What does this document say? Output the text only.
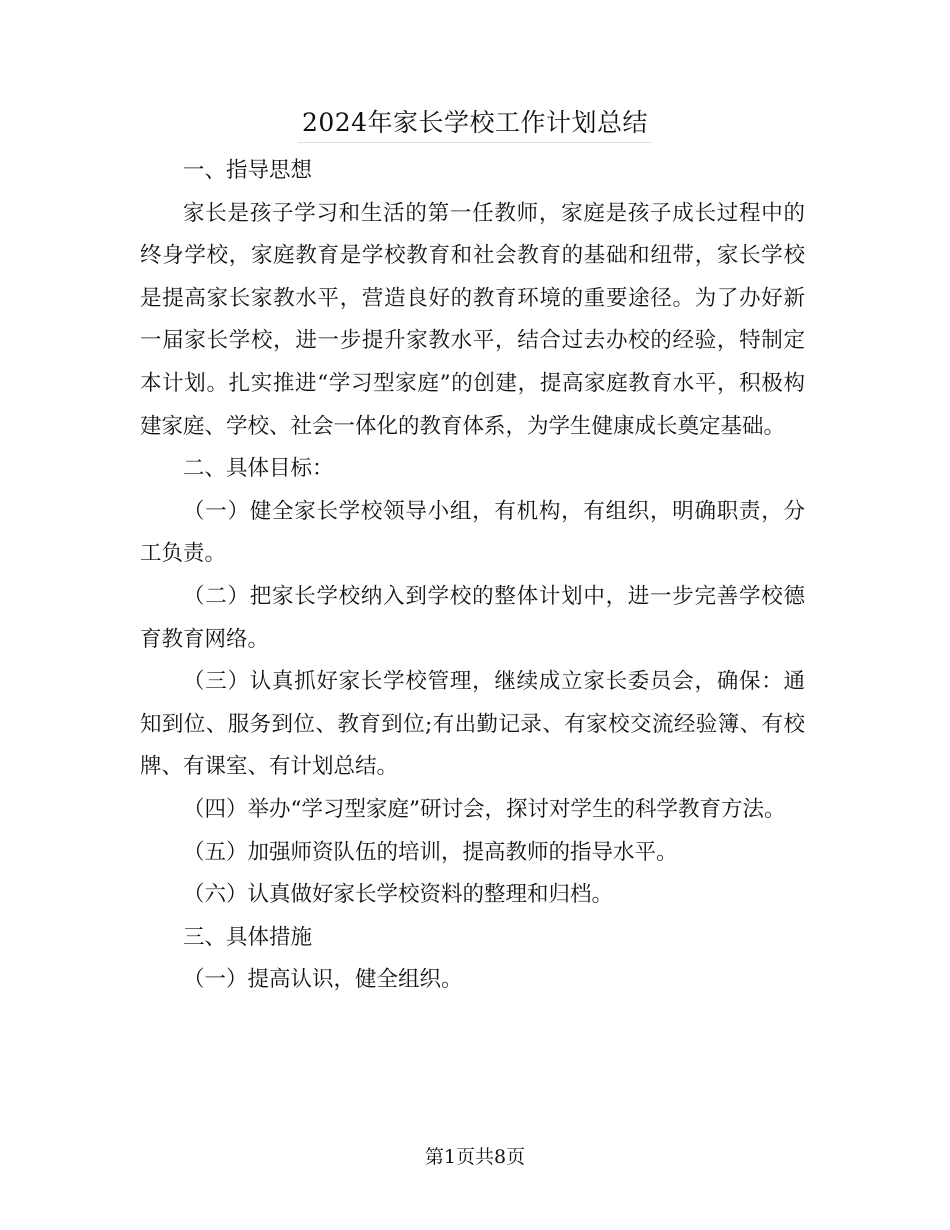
2024年家长学校工作计划总结

一、指导思想

家长是孩子学习和生活的第一任教师，家庭是孩子成长过程中的终身学校，家庭教育是学校教育和社会教育的基础和纽带，家长学校是提高家长家教水平，营造良好的教育环境的重要途径。为了办好新一届家长学校，进一步提升家教水平，结合过去办校的经验，特制定本计划。扎实推进“学习型家庭”的创建，提高家庭教育水平，积极构建家庭、学校、社会一体化的教育体系，为学生健康成长奠定基础。

二、具体目标：

（一）健全家长学校领导小组，有机构，有组织，明确职责，分工负责。

（二）把家长学校纳入到学校的整体计划中，进一步完善学校德育教育网络。

（三）认真抓好家长学校管理，继续成立家长委员会，确保：通知到位、服务到位、教育到位;有出勤记录、有家校交流经验簿、有校牌、有课室、有计划总结。

（四）举办“学习型家庭”研讨会，探讨对学生的科学教育方法。

（五）加强师资队伍的培训，提高教师的指导水平。

（六）认真做好家长学校资料的整理和归档。

三、具体措施

（一）提高认识，健全组织。

第1页共8页
